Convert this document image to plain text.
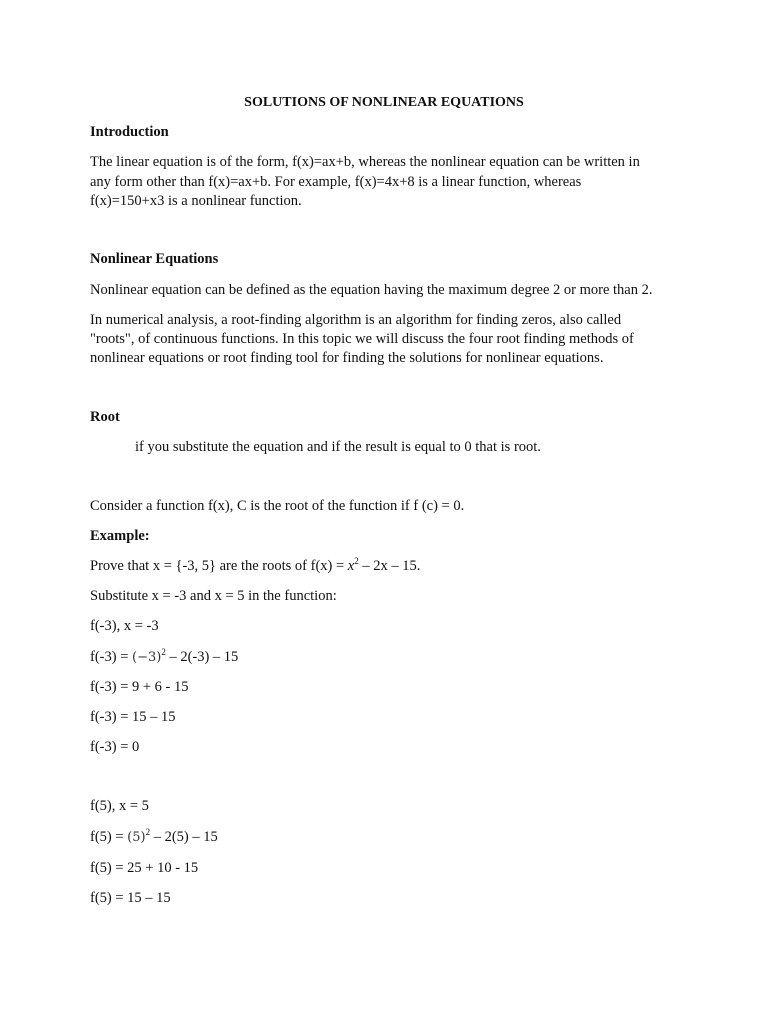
SOLUTIONS OF NONLINEAR EQUATIONS
Introduction
The linear equation is of the form, f(x)=ax+b, whereas the nonlinear equation can be written in
any form other than f(x)=ax+b. For example, f(x)=4x+8 is a linear function, whereas
f(x)=150+x3 is a nonlinear function.
Nonlinear Equations
Nonlinear equation can be defined as the equation having the maximum degree 2 or more than 2.
In numerical analysis, a root-finding algorithm is an algorithm for finding zeros, also called
"roots", of continuous functions. In this topic we will discuss the four root finding methods of
nonlinear equations or root finding tool for finding the solutions for nonlinear equations.
Root
if you substitute the equation and if the result is equal to 0 that is root.
Consider a function f(x), C is the root of the function if f (c) = 0.
Example:
Prove that x = {-3, 5} are the roots of $f(x) = x^2 - 2x - 15$.
Substitute x = -3 and x = 5 in the function:
f(-3), x = -3
$f(-3) = (-3)^2 - 2(-3) - 15$
f(-3) = 9 + 6 - 15
f(-3) = 15 – 15
f(-3) = 0
f(5), x = 5
$f(5) = (5)^2 - 2(5) - 15$
f(5) = 25 + 10 - 15
f(5) = 15 – 15
